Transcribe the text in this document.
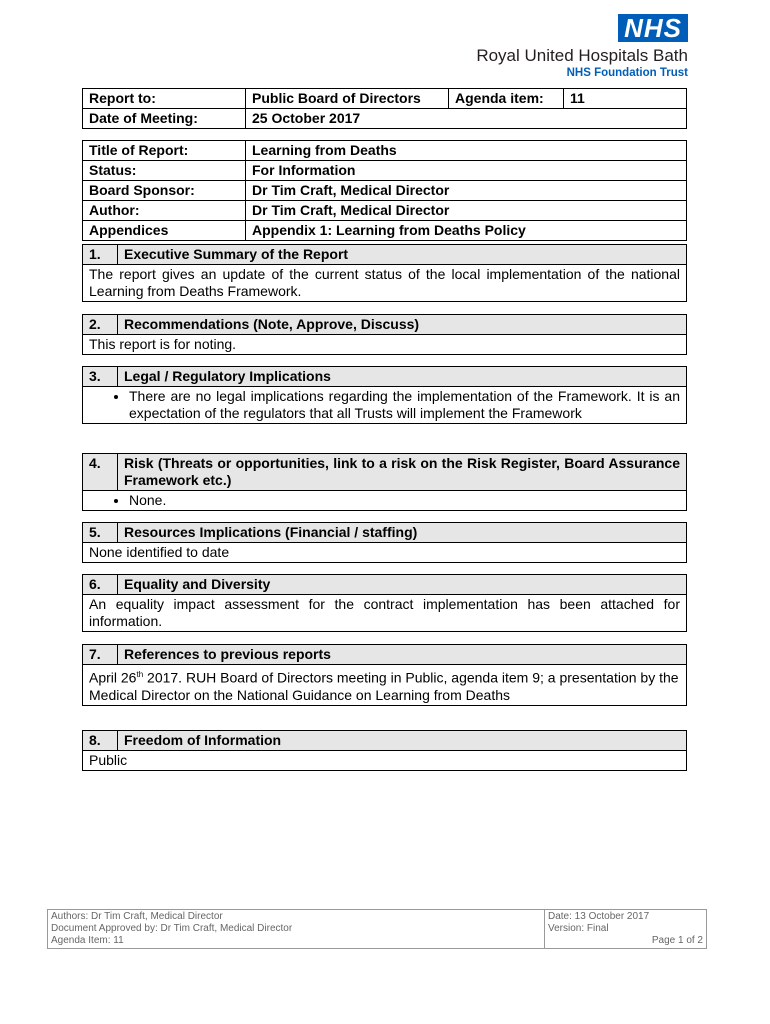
NHS
Royal United Hospitals Bath
NHS Foundation Trust
Report to:	Public Board of Directors	Agenda item:	11
Date of Meeting:	25 October 2017		
Title of Report:	Learning from Deaths
Status:	For Information
Board Sponsor:	Dr Tim Craft, Medical Director
Author:	Dr Tim Craft, Medical Director
Appendices	Appendix 1: Learning from Deaths Policy
1.	Executive Summary of the Report
The report gives an update of the current status of the local implementation of the national Learning from Deaths Framework.
2.	Recommendations (Note, Approve, Discuss)
This report is for noting.
3.	Legal / Regulatory Implications

• There are no legal implications regarding the implementation of the Framework. It is an expectation of the regulators that all Trusts will implement the Framework
4.	Risk (Threats or opportunities, link to a risk on the Risk Register, Board Assurance Framework etc.)

• None.
5.	Resources Implications (Financial / staffing)
None identified to date
6.	Equality and Diversity
An equality impact assessment for the contract implementation has been attached for information.
7.	References to previous reports
April 26th 2017. RUH Board of Directors meeting in Public, agenda item 9; a presentation by the Medical Director on the National Guidance on Learning from Deaths
8.	Freedom of Information
Public
Authors: Dr Tim Craft, Medical Director
Document Approved by: Dr Tim Craft, Medical Director
Agenda Item: 11

Date: 13 October 2017
Version: Final
Page 1 of 2
